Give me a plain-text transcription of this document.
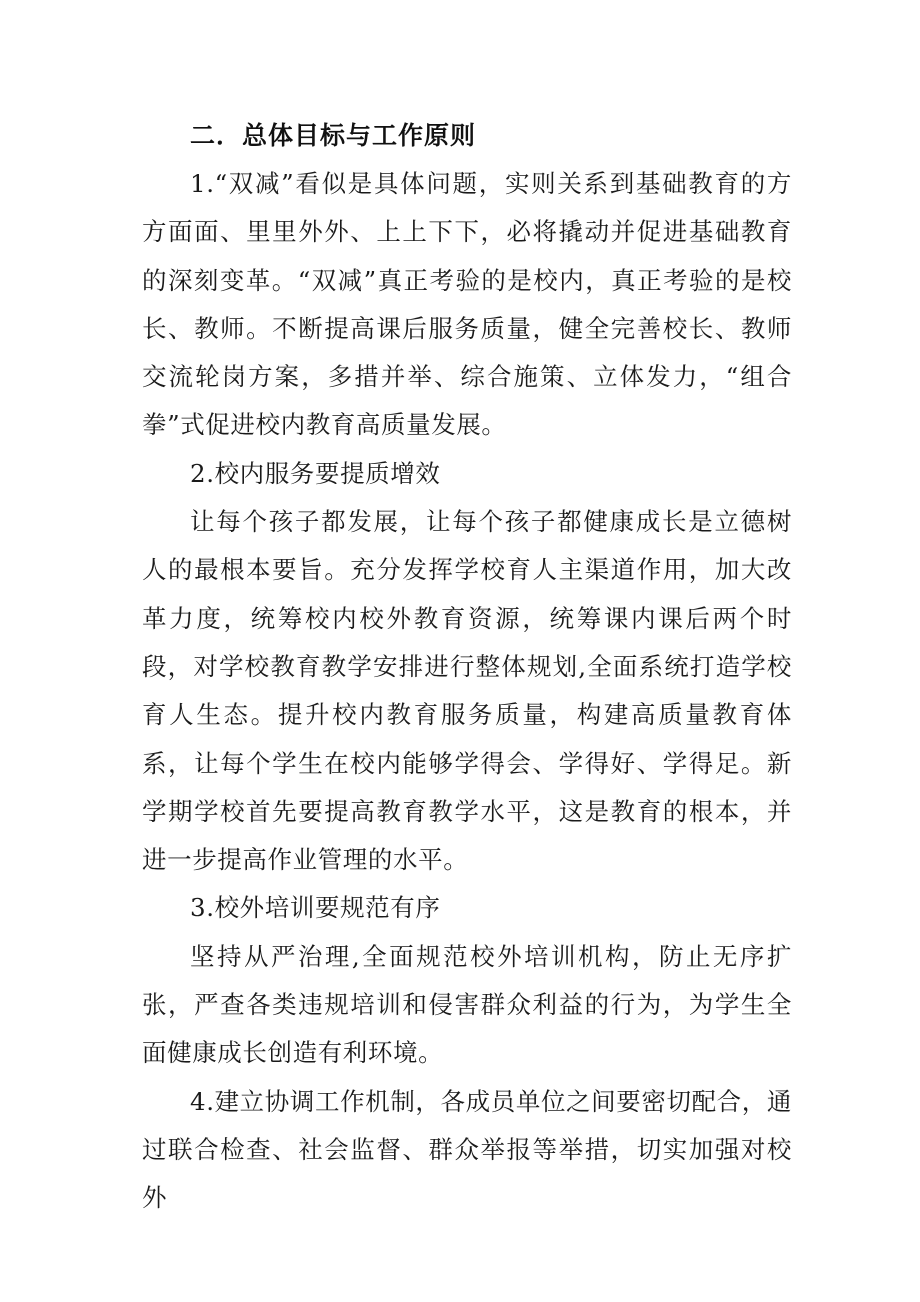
二．总体目标与工作原则

1.“双减”看似是具体问题，实则关系到基础教育的方方面面、里里外外、上上下下，必将撬动并促进基础教育的深刻变革。“双减”真正考验的是校内，真正考验的是校长、教师。不断提高课后服务质量，健全完善校长、教师交流轮岗方案，多措并举、综合施策、立体发力，“组合拳”式促进校内教育高质量发展。

2.校内服务要提质增效

让每个孩子都发展，让每个孩子都健康成长是立德树人的最根本要旨。充分发挥学校育人主渠道作用，加大改革力度，统筹校内校外教育资源，统筹课内课后两个时段，对学校教育教学安排进行整体规划,全面系统打造学校育人生态。提升校内教育服务质量，构建高质量教育体系，让每个学生在校内能够学得会、学得好、学得足。新学期学校首先要提高教育教学水平，这是教育的根本，并进一步提高作业管理的水平。

3.校外培训要规范有序

坚持从严治理,全面规范校外培训机构，防止无序扩张，严查各类违规培训和侵害群众利益的行为，为学生全面健康成长创造有利环境。

4.建立协调工作机制，各成员单位之间要密切配合，通过联合检查、社会监督、群众举报等举措，切实加强对校外
